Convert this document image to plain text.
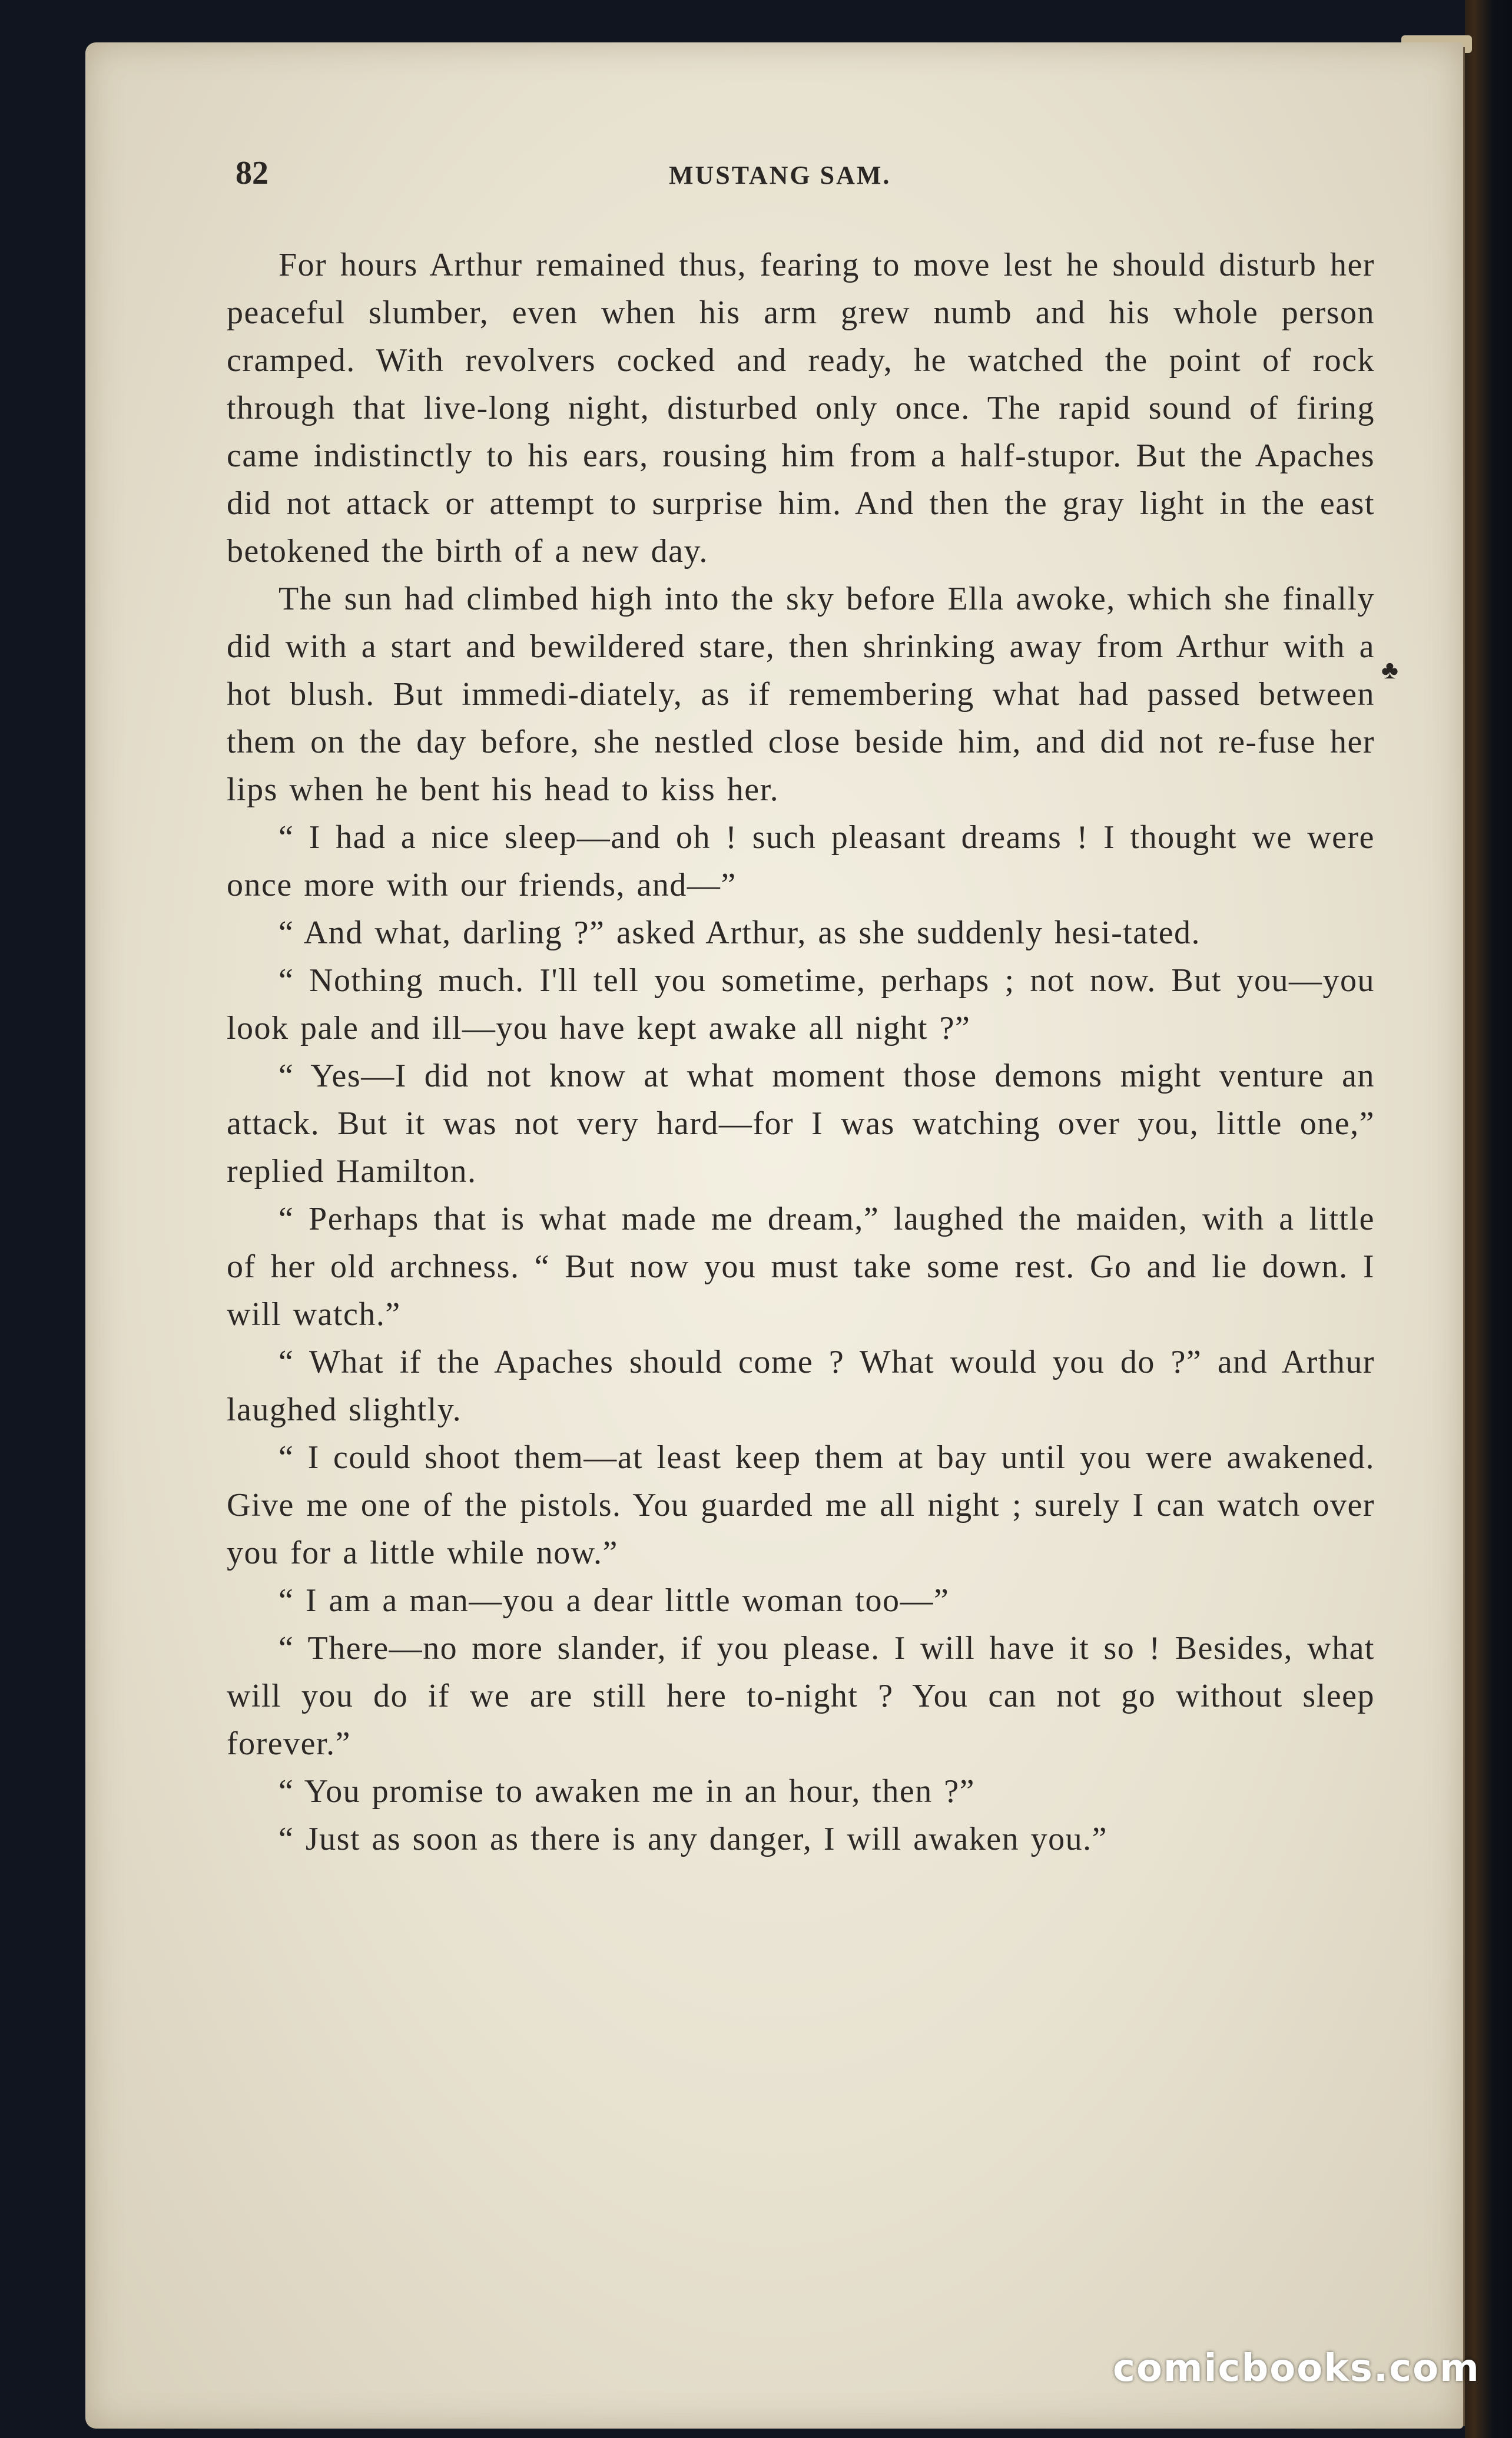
82	MUSTANG SAM.

For hours Arthur remained thus, fearing to move lest he should disturb her peaceful slumber, even when his arm grew numb and his whole person cramped. With revolvers cocked and ready, he watched the point of rock through that live-long night, disturbed only once. The rapid sound of firing came indistinctly to his ears, rousing him from a half-stupor. But the Apaches did not attack or attempt to surprise him. And then the gray light in the east betokened the birth of a new day.

The sun had climbed high into the sky before Ella awoke, which she finally did with a start and bewildered stare, then shrinking away from Arthur with a hot blush. But immedi-diately, as if remembering what had passed between them on the day before, she nestled close beside him, and did not re-fuse her lips when he bent his head to kiss her.

“ I had a nice sleep—and oh ! such pleasant dreams ! I thought we were once more with our friends, and—”

“ And what, darling ?” asked Arthur, as she suddenly hesi-tated.

“ Nothing much. I'll tell you sometime, perhaps ; not now. But you—you look pale and ill—you have kept awake all night ?”

“ Yes—I did not know at what moment those demons might venture an attack. But it was not very hard—for I was watching over you, little one,” replied Hamilton.

“ Perhaps that is what made me dream,” laughed the maiden, with a little of her old archness. “ But now you must take some rest. Go and lie down. I will watch.”

“ What if the Apaches should come ? What would you do ?” and Arthur laughed slightly.

“ I could shoot them—at least keep them at bay until you were awakened. Give me one of the pistols. You guarded me all night ; surely I can watch over you for a little while now.”

“ I am a man—you a dear little woman too—”

“ There—no more slander, if you please. I will have it so ! Besides, what will you do if we are still here to-night ? You can not go without sleep forever.”

“ You promise to awaken me in an hour, then ?”

“ Just as soon as there is any danger, I will awaken you.”

♣
comicbooks.com
